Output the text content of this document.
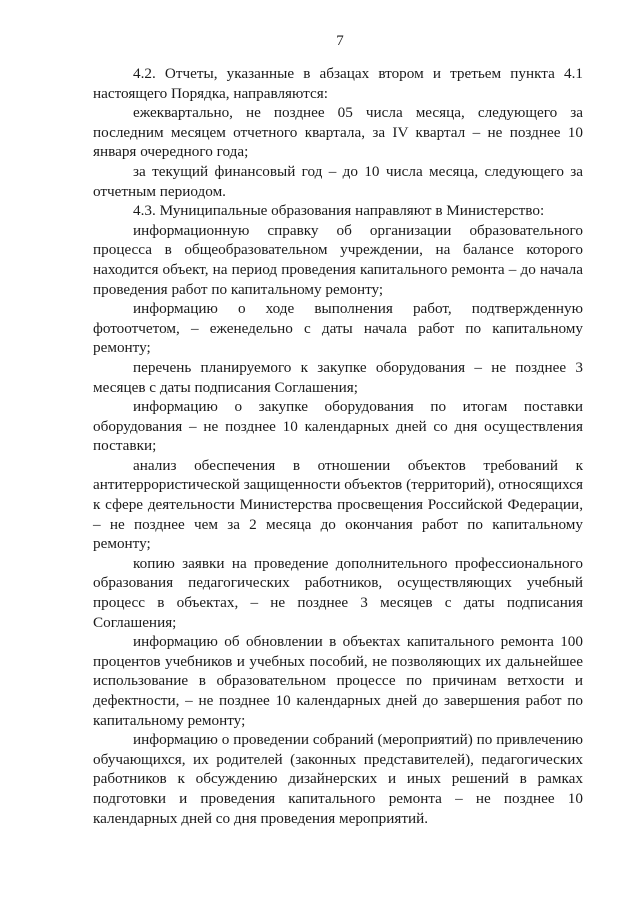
7

4.2. Отчеты, указанные в абзацах втором и третьем пункта 4.1 настоящего Порядка, направляются:

ежеквартально, не позднее 05 числа месяца, следующего за последним месяцем отчетного квартала, за IV квартал – не позднее 10 января очередного года;

за текущий финансовый год – до 10 числа месяца, следующего за отчетным периодом.

4.3. Муниципальные образования направляют в Министерство:

информационную справку об организации образовательного процесса в общеобразовательном учреждении, на балансе которого находится объект, на период проведения капитального ремонта – до начала проведения работ по капитальному ремонту;

информацию о ходе выполнения работ, подтвержденную фотоотчетом, – еженедельно с даты начала работ по капитальному ремонту;

перечень планируемого к закупке оборудования – не позднее 3 месяцев с даты подписания Соглашения;

информацию о закупке оборудования по итогам поставки оборудования – не позднее 10 календарных дней со дня осуществления поставки;

анализ обеспечения в отношении объектов требований к антитеррористической защищенности объектов (территорий), относящихся к сфере деятельности Министерства просвещения Российской Федерации, – не позднее чем за 2 месяца до окончания работ по капитальному ремонту;

копию заявки на проведение дополнительного профессионального образования педагогических работников, осуществляющих учебный процесс в объектах, – не позднее 3 месяцев с даты подписания Соглашения;

информацию об обновлении в объектах капитального ремонта 100 процентов учебников и учебных пособий, не позволяющих их дальнейшее использование в образовательном процессе по причинам ветхости и дефектности, – не позднее 10 календарных дней до завершения работ по капитальному ремонту;

информацию о проведении собраний (мероприятий) по привлечению обучающихся, их родителей (законных представителей), педагогических работников к обсуждению дизайнерских и иных решений в рамках подготовки и проведения капитального ремонта – не позднее 10 календарных дней со дня проведения мероприятий.
